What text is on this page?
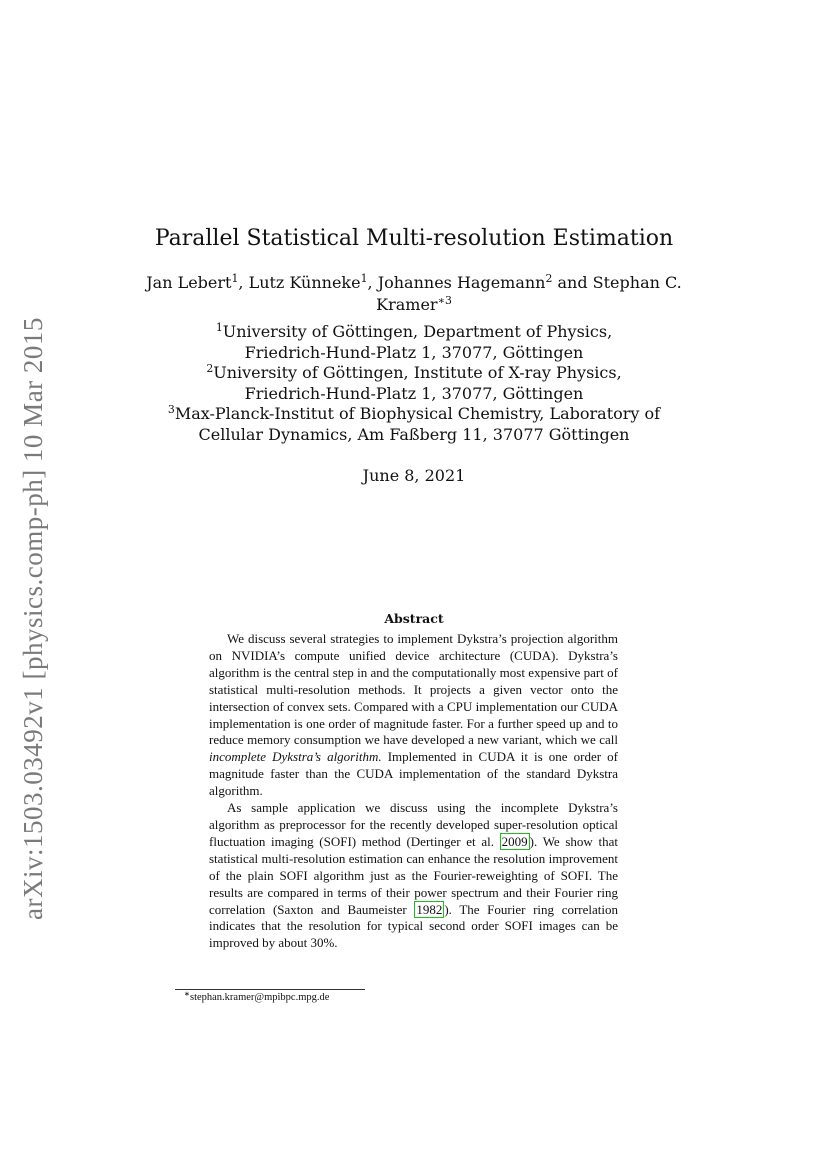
arXiv:1503.03492v1 [physics.comp-ph] 10 Mar 2015
Parallel Statistical Multi-resolution Estimation
Jan Lebert$^1$, Lutz Künneke$^1$, Johannes Hagemann$^2$ and Stephan C.
Kramer$^{∗3}$
$^1$University of Göttingen, Department of Physics,
Friedrich-Hund-Platz 1, 37077, Göttingen
$^2$University of Göttingen, Institute of X-ray Physics,
Friedrich-Hund-Platz 1, 37077, Göttingen
$^3$Max-Planck-Institut of Biophysical Chemistry, Laboratory of
Cellular Dynamics, Am Faßberg 11, 37077 Göttingen
June 8, 2021
Abstract

We discuss several strategies to implement Dykstra’s projection algorithm on NVIDIA’s compute unified device architecture (CUDA). Dykstra’s algorithm is the central step in and the computationally most expensive part of statistical multi-resolution methods. It projects a given vector onto the intersection of convex sets. Compared with a CPU implementation our CUDA implementation is one order of magnitude faster. For a further speed up and to reduce memory consumption we have developed a new variant, which we call incomplete Dykstra’s algorithm. Implemented in CUDA it is one order of magnitude faster than the CUDA implementation of the standard Dykstra algorithm.

As sample application we discuss using the incomplete Dykstra’s algorithm as preprocessor for the recently developed super-resolution optical fluctuation imaging (SOFI) method (Dertinger et al. 2009 ). We show that statistical multi-resolution estimation can enhance the resolution improvement of the plain SOFI algorithm just as the Fourier-reweighting of SOFI. The results are compared in terms of their power spectrum and their Fourier ring correlation (Saxton and Baumeister 1982 ). The Fourier ring correlation indicates that the resolution for typical second order SOFI images can be improved by about 30%.

∗stephan.kramer@mpibpc.mpg.de
